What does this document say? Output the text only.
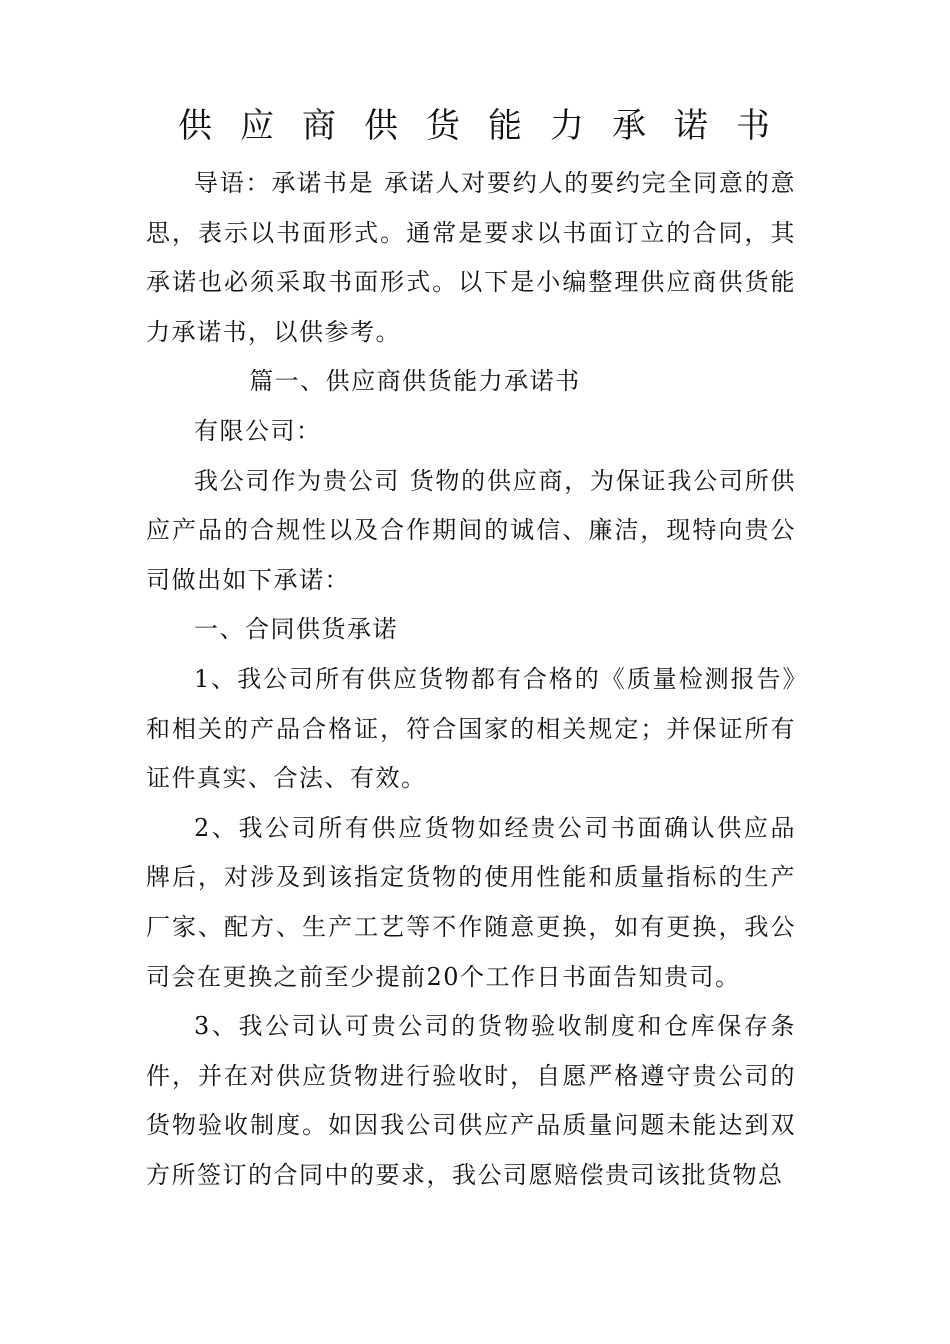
供应商供货能力承诺书

导语：承诺书是 承诺人对要约人的要约完全同意的意思，表示以书面形式。通常是要求以书面订立的合同，其承诺也必须采取书面形式。以下是小编整理供应商供货能力承诺书，以供参考。

篇一、供应商供货能力承诺书

有限公司：

我公司作为贵公司 货物的供应商，为保证我公司所供应产品的合规性以及合作期间的诚信、廉洁，现特向贵公司做出如下承诺：

一、合同供货承诺

1、我公司所有供应货物都有合格的《质量检测报告》和相关的产品合格证，符合国家的相关规定；并保证所有证件真实、合法、有效。

2、我公司所有供应货物如经贵公司书面确认供应品牌后，对涉及到该指定货物的使用性能和质量指标的生产厂家、配方、生产工艺等不作随意更换，如有更换，我公司会在更换之前至少提前20个工作日书面告知贵司。

3、我公司认可贵公司的货物验收制度和仓库保存条件，并在对供应货物进行验收时，自愿严格遵守贵公司的货物验收制度。如因我公司供应产品质量问题未能达到双方所签订的合同中的要求，我公司愿赔偿贵司该批货物总
